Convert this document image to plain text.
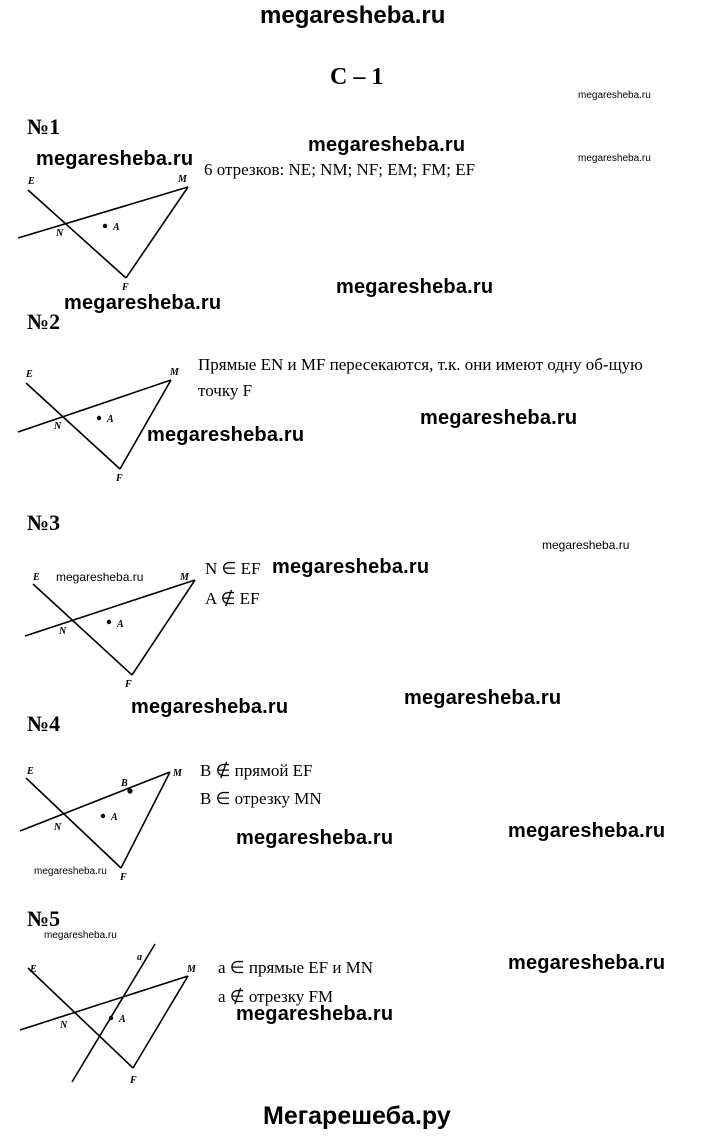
megaresheba.ru
С – 1
Мегарешеба.ру
megaresheba.ru
megaresheba.ru
megaresheba.ru	megaresheba.ru
megaresheba.ru
megaresheba.ru
megaresheba.ru
megaresheba.ru
megaresheba.ru
megaresheba.ru
megaresheba.ru
megaresheba.ru
megaresheba.ru
megaresheba.ru
megaresheba.ru
megaresheba.ru
megaresheba.ru
megaresheba.ru
megaresheba.ru
№1
6 отрезков: NE; NM; NF; EM; FM; EF
E	M
N
F
A
№2
Прямые EN и MF пересекаются, т.к. они имеют одну об-щую точку F
E	M
N
F
A
№3
N ∈ EF
A ∉ EF
E	M
N
F
A
№4
B ∉ прямой EF
B ∈ отрезку MN
E	M
N
F
A
B
№5
a ∈ прямые EF и MN
a ∉ отрезку FM
E	M
N
F
A
a
